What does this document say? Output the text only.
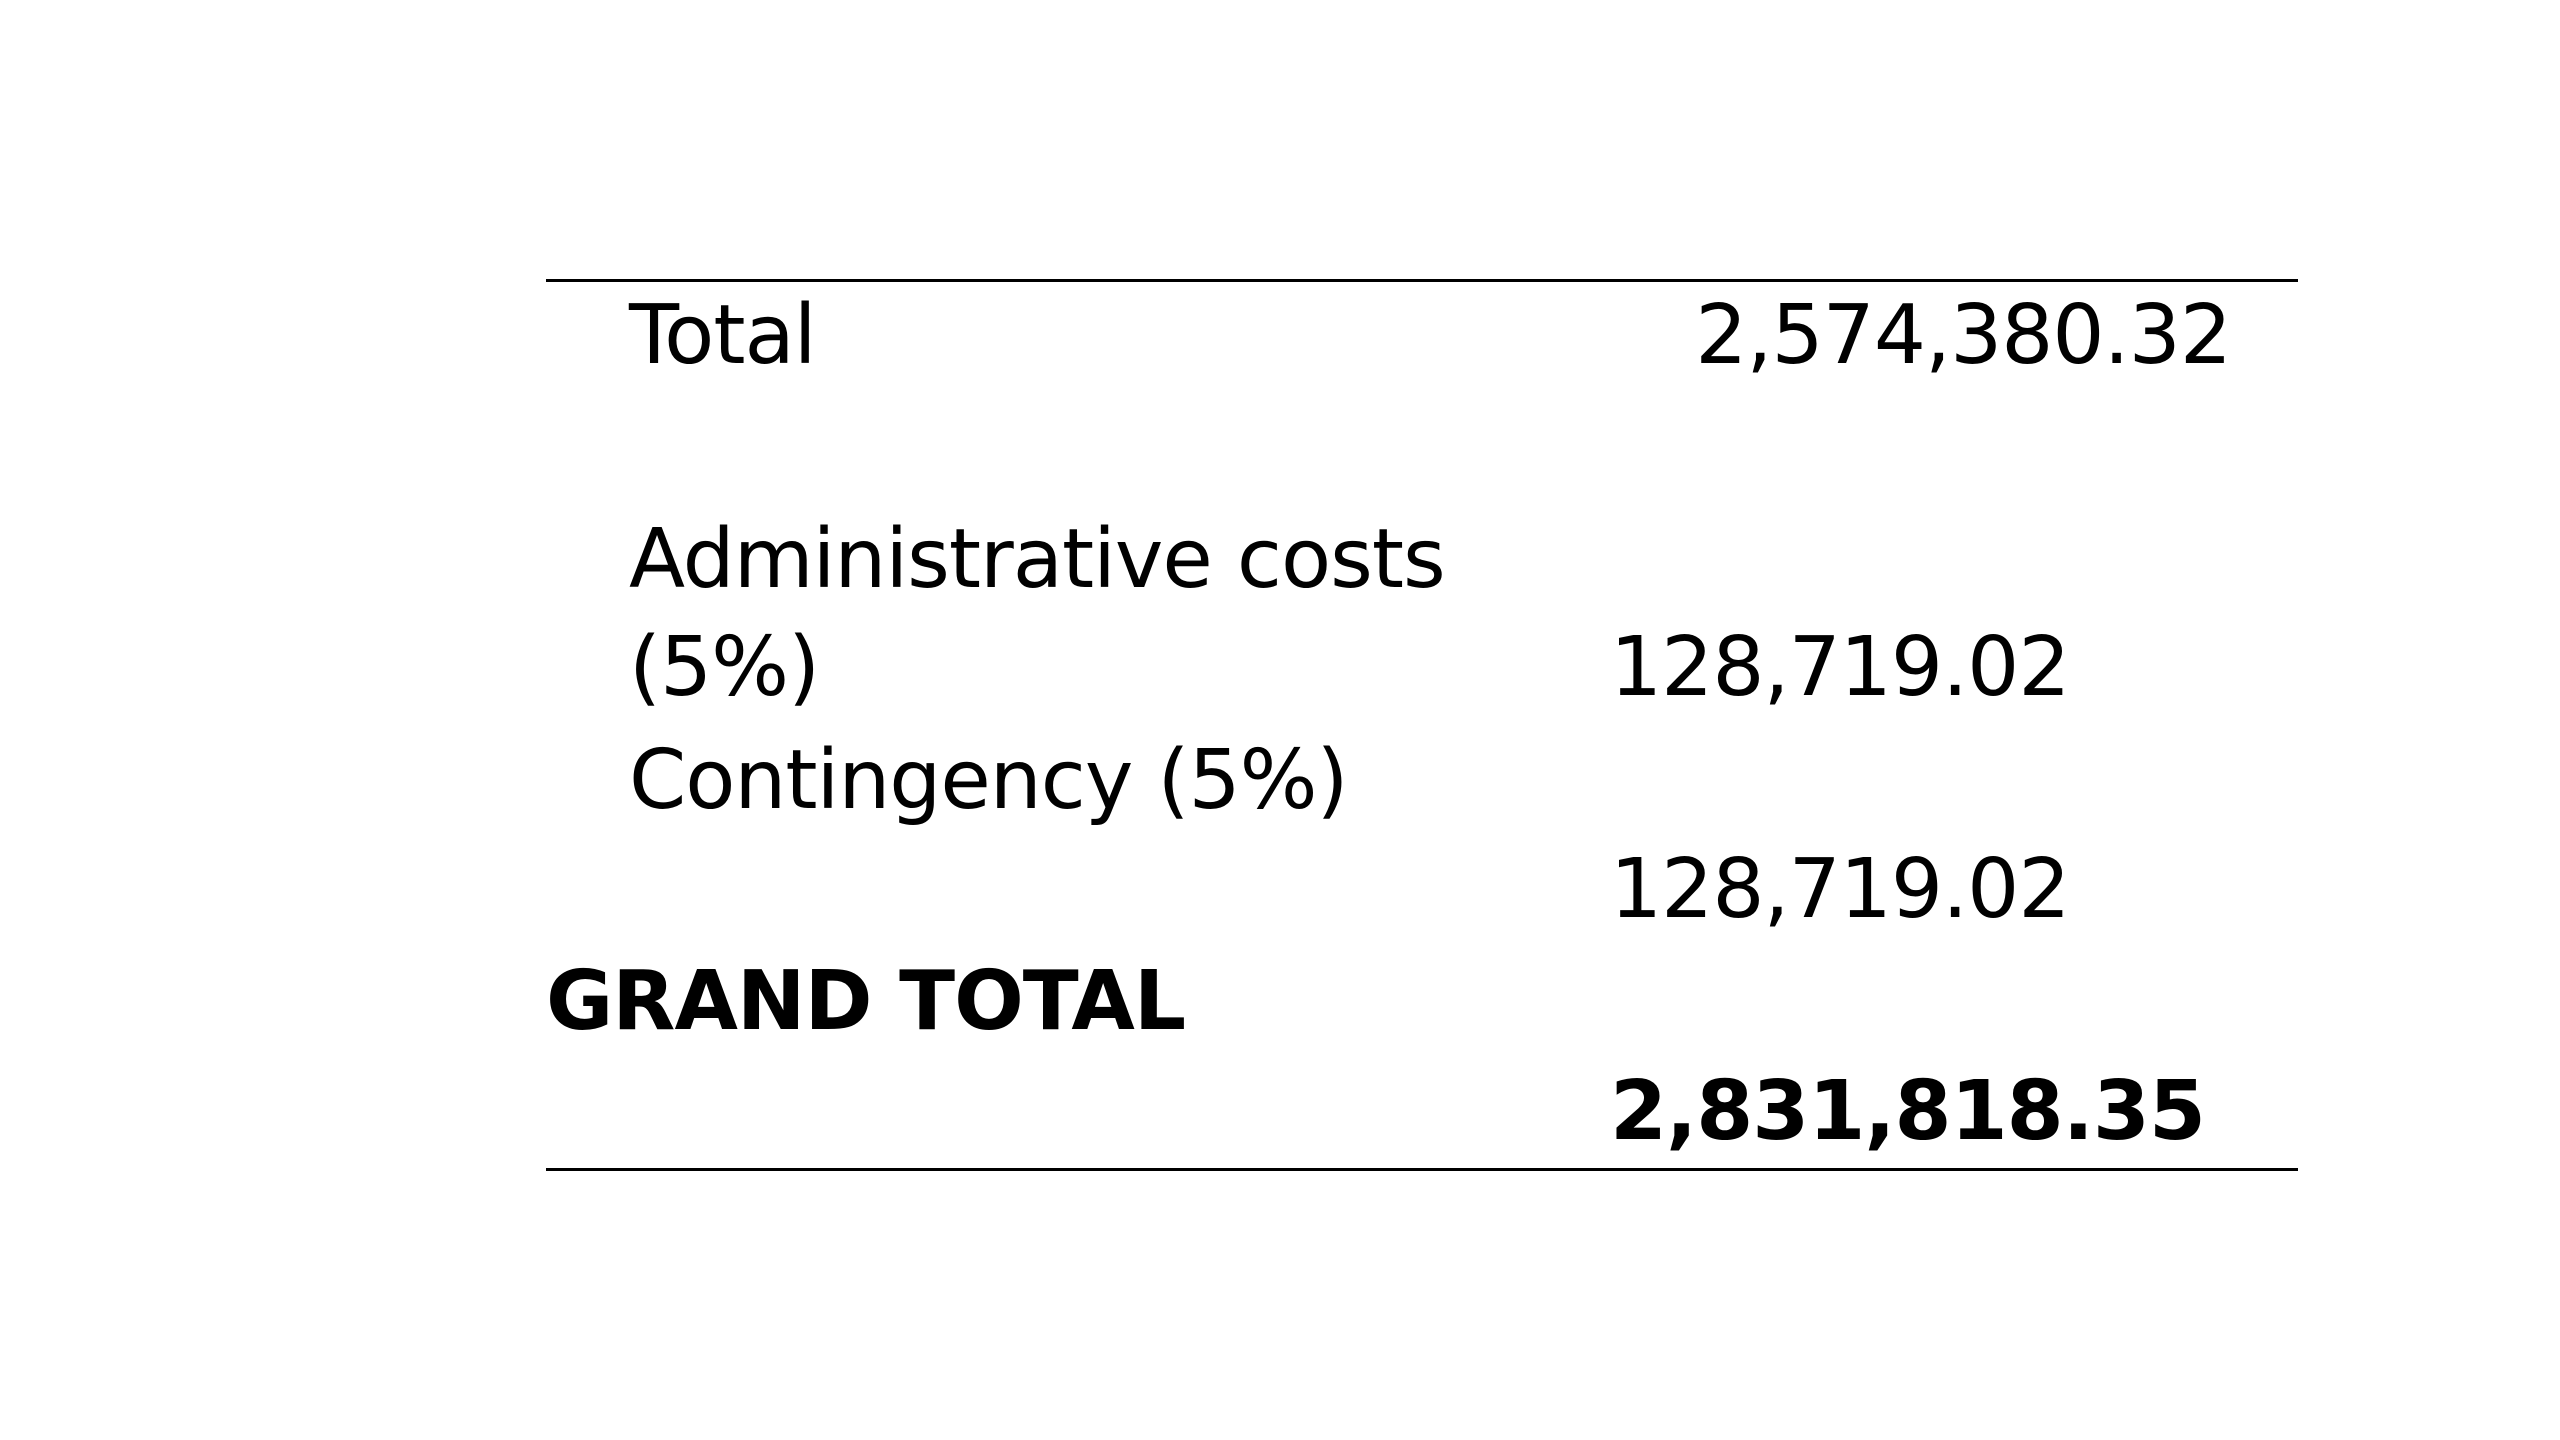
Total	2,574,380.32
Administrative costs
(5%)	128,719.02
Contingency (5%)
128,719.02
GRAND TOTAL
2,831,818.35
